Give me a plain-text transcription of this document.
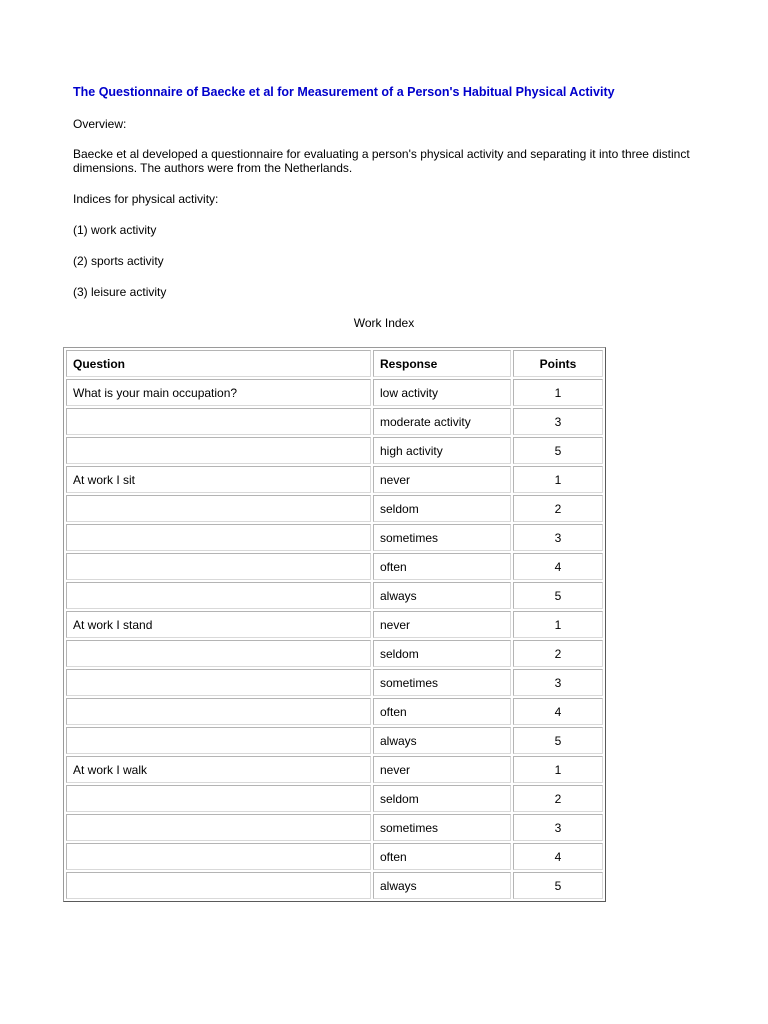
The Questionnaire of Baecke et al for Measurement of a Person's Habitual Physical Activity
Overview:
Baecke et al developed a questionnaire for evaluating a person's physical activity and separating it into three distinct dimensions. The authors were from the Netherlands.
Indices for physical activity:
(1) work activity
(2) sports activity
(3) leisure activity
Work Index
Question	Response	Points
What is your main occupation?	low activity	1
	moderate activity	3
	high activity	5
At work I sit	never	1
	seldom	2
	sometimes	3
	often	4
	always	5
At work I stand	never	1
	seldom	2
	sometimes	3
	often	4
	always	5
At work I walk	never	1
	seldom	2
	sometimes	3
	often	4
	always	5
